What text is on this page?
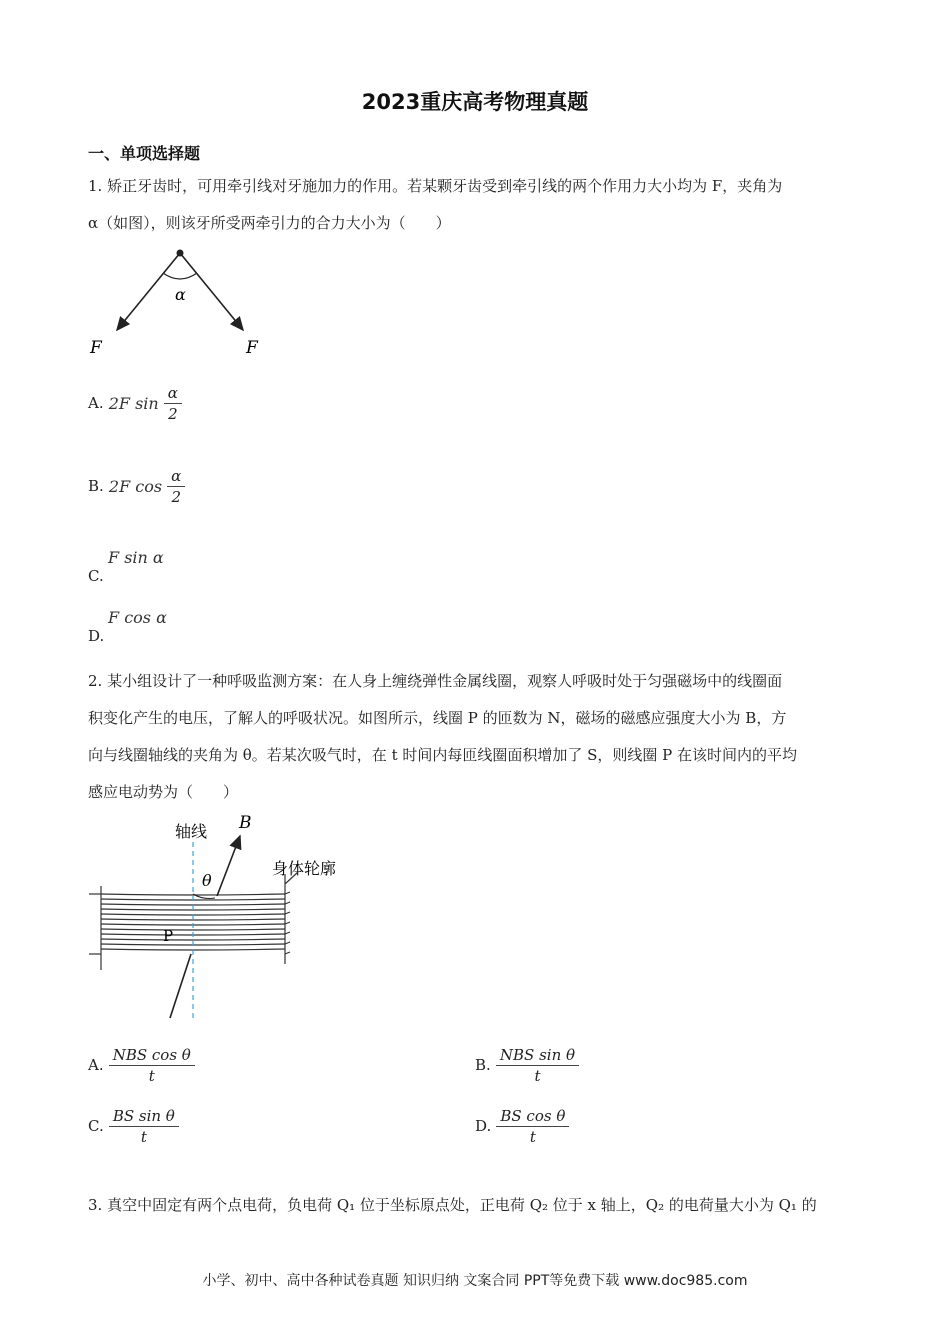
2023重庆高考物理真题
一、单项选择题
1. 矫正牙齿时，可用牵引线对牙施加力的作用。若某颗牙齿受到牵引线的两个作用力大小均为 F，夹角为
α（如图），则该牙所受两牵引力的合力大小为（　　）
α
F	F
A. 2F $\sin \frac{\alpha}{2}$
B. 2F $\cos \frac{\alpha}{2}$
F sin α
C.
F cos α
D.
2. 某小组设计了一种呼吸监测方案：在人身上缠绕弹性金属线圈，观察人呼吸时处于匀强磁场中的线圈面
积变化产生的电压，了解人的呼吸状况。如图所示，线圈 P 的匝数为 N，磁场的磁感应强度大小为 B，方
向与线圈轴线的夹角为 θ。若某次吸气时，在 t 时间内每匝线圈面积增加了 S，则线圈 P 在该时间内的平均
感应电动势为（　　）
轴线 B
θ
身体轮廓
P
A. $\frac{\text{NBS cos θ}}{t}$	B. $\frac{\text{NBS sin θ}}{t}$
C. $\frac{\text{BS sin θ}}{t}$	D. $\frac{\text{BS cos θ}}{t}$
3. 真空中固定有两个点电荷，负电荷 Q₁ 位于坐标原点处，正电荷 Q₂ 位于 x 轴上，Q₂ 的电荷量大小为 Q₁ 的
小学、初中、高中各种试卷真题 知识归纳 文案合同 PPT等免费下载 www.doc985.com
